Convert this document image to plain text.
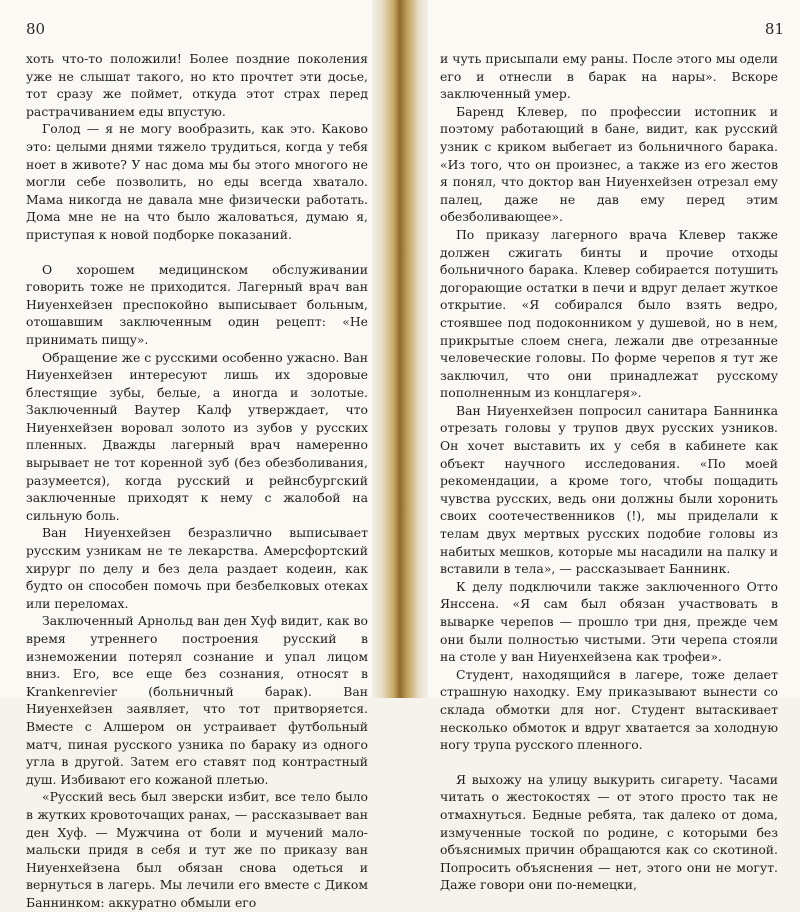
80	81

хоть что-то положили! Более поздние поколения уже не слышат такого, но кто прочтет эти досье, тот сразу же поймет, откуда этот страх перед растрачиванием еды впустую.

Голод — я не могу вообразить, как это. Каково это: целыми днями тяжело трудиться, когда у тебя ноет в животе? У нас дома мы бы этого многого не могли себе позволить, но еды всегда хватало. Мама никогда не давала мне физически работать. Дома мне не на что было жаловаться, думаю я, приступая к новой подборке показаний.

О хорошем медицинском обслуживании говорить тоже не приходится. Лагерный врач ван Ниуенхейзен преспокойно выписывает больным, отошавшим заключенным один рецепт: «Не принимать пищу».

Обращение же с русскими особенно ужасно. Ван Ниуенхейзен интересуют лишь их здоровые блестящие зубы, белые, а иногда и золотые. Заключенный Ваутер Калф утверждает, что Ниуенхейзен воровал золото из зубов у русских пленных. Дважды лагерный врач намеренно вырывает не тот коренной зуб (без обезболивания, разумеется), когда русский и рейнсбургский заключенные приходят к нему с жалобой на сильную боль.

Ван Ниуенхейзен безразлично выписывает русским узникам не те лекарства. Амерсфортский хирург по делу и без дела раздает кодеин, как будто он способен помочь при безбелковых отеках или переломах.

Заключенный Арнольд ван ден Хуф видит, как во время утреннего построения русский в изнеможении потерял сознание и упал лицом вниз. Его, все еще без сознания, относят в Krankenrevier (больничный барак). Ван Ниуенхейзен заявляет, что тот притворяется. Вместе с Алшером он устраивает футбольный матч, пиная русского узника по бараку из одного угла в другой. Затем его ставят под контрастный душ. Избивают его кожаной плетью.

«Русский весь был зверски избит, все тело было в жутких кровоточащих ранах, — рассказывает ван ден Хуф. — Мужчина от боли и мучений мало-мальски придя в себя и тут же по приказу ван Ниуенхейзена был обязан снова одеться и вернуться в лагерь. Мы лечили его вместе с Диком Баннинком: аккуратно обмыли его

и чуть присыпали ему раны. После этого мы одели его и отнесли в барак на нары». Вскоре заключенный умер.

Баренд Клевер, по профессии истопник и поэтому работающий в бане, видит, как русский узник с криком выбегает из больничного барака. «Из того, что он произнес, а также из его жестов я понял, что доктор ван Ниуенхейзен отрезал ему палец, даже не дав ему перед этим обезболивающее».

По приказу лагерного врача Клевер также должен сжигать бинты и прочие отходы больничного барака. Клевер собирается потушить догорающие остатки в печи и вдруг делает жуткое открытие. «Я собирался было взять ведро, стоявшее под подоконником у душевой, но в нем, прикрытые слоем снега, лежали две отрезанные человеческие головы. По форме черепов я тут же заключил, что они принадлежат русскому пополненным из концлагеря».

Ван Ниуенхейзен попросил санитара Баннинка отрезать головы у трупов двух русских узников. Он хочет выставить их у себя в кабинете как объект научного исследования. «По моей рекомендации, а кроме того, чтобы пощадить чувства русских, ведь они должны были хоронить своих соотечественников (!), мы приделали к телам двух мертвых русских подобие головы из набитых мешков, которые мы насадили на палку и вставили в тела», — рассказывает Баннинк.

К делу подключили также заключенного Отто Янссена. «Я сам был обязан участвовать в вываркe черепов — прошло три дня, прежде чем они были полностью чистыми. Эти черепа стояли на столе у ван Ниуенхейзена как трофеи».

Студент, находящийся в лагере, тоже делает страшную находку. Ему приказывают вынести со склада обмотки для ног. Студент вытаскивает несколько обмоток и вдруг хватается за холодную ногу трупа русского пленного.

Я выхожу на улицу выкурить сигарету. Часами читать о жестокостях — от этого просто так не отмахнуться. Бедные ребята, так далеко от дома, измученные тоской по родине, с которыми без объяснимых причин обращаются как со скотиной. Попросить объяснения — нет, этого они не могут. Даже говори они по-немецки,
